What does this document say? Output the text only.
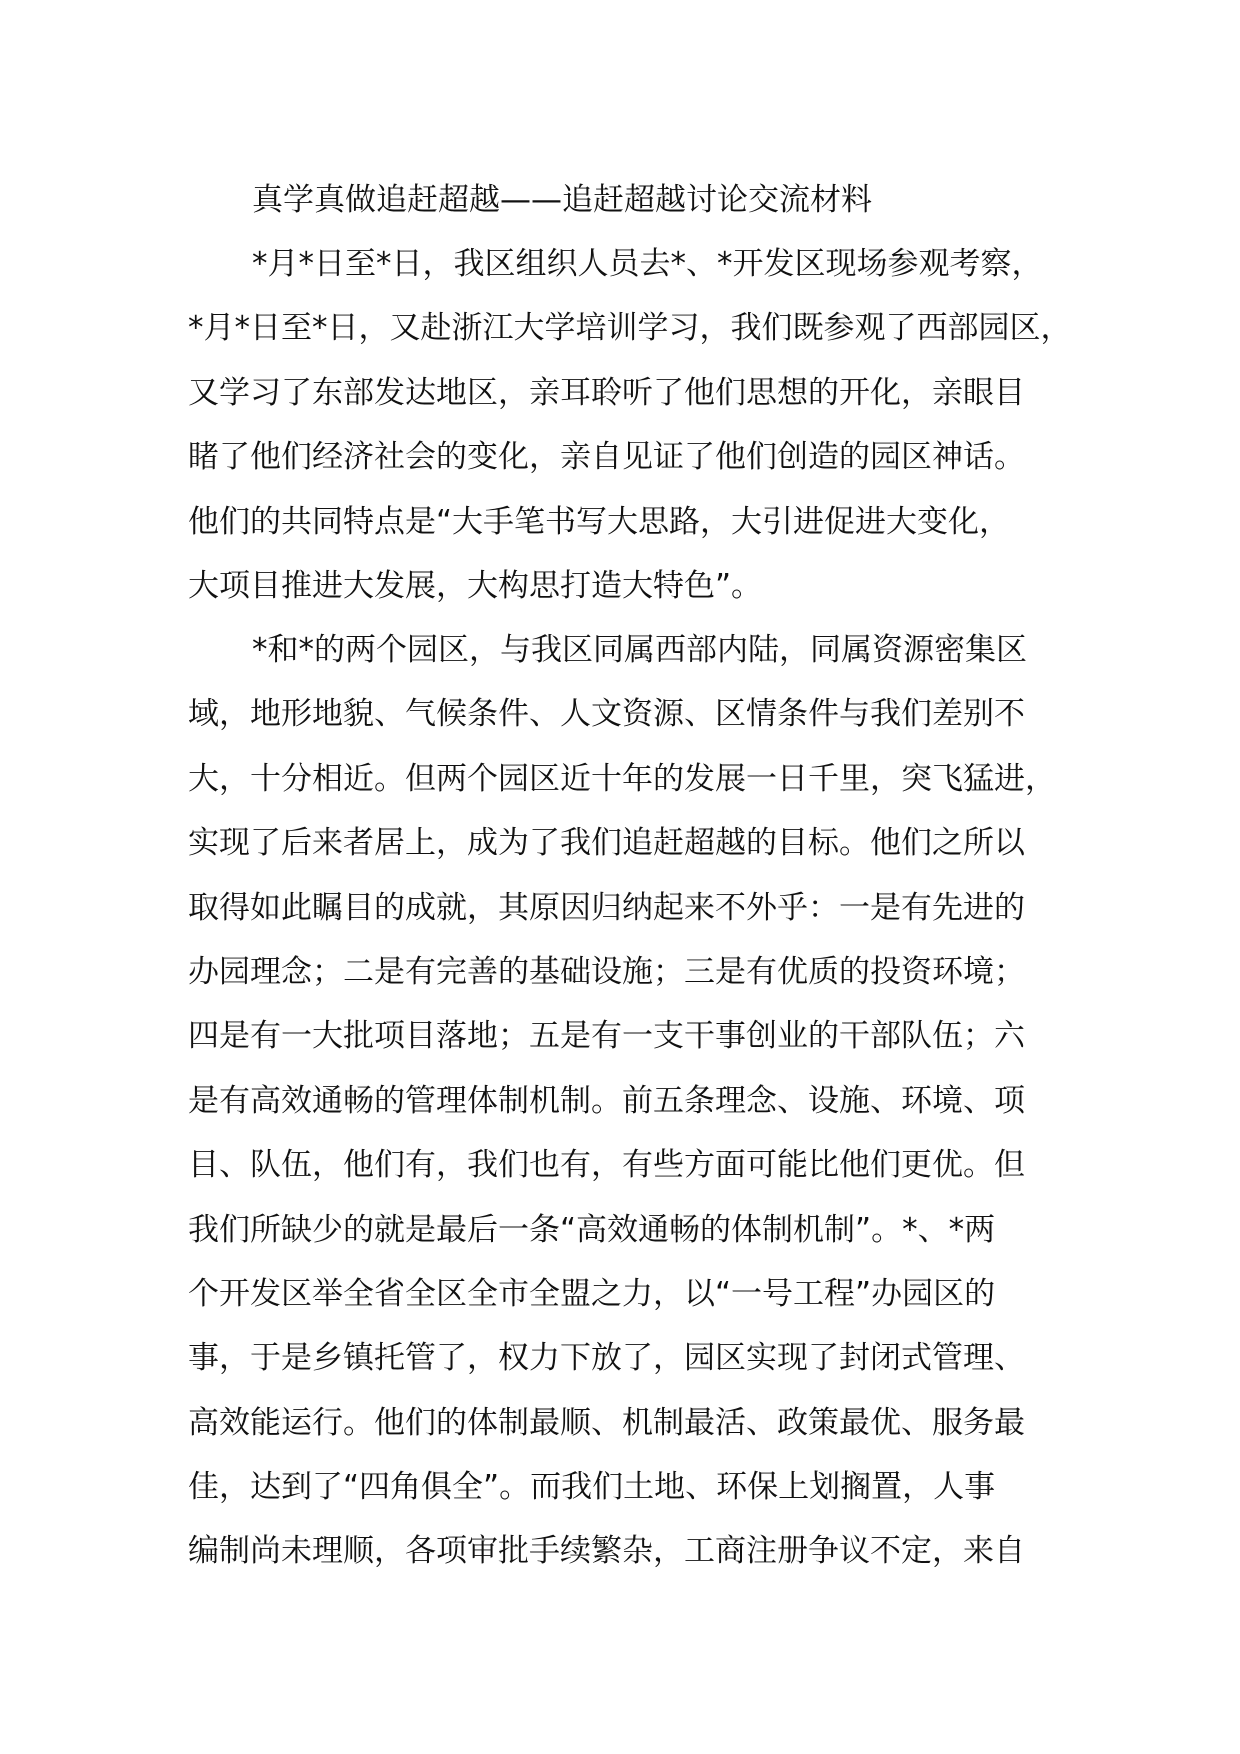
真学真做追赶超越——追赶超越讨论交流材料

*月*日至*日，我区组织人员去*、*开发区现场参观考察，
*月*日至*日，又赴浙江大学培训学习，我们既参观了西部园区，
又学习了东部发达地区，亲耳聆听了他们思想的开化，亲眼目
睹了他们经济社会的变化，亲自见证了他们创造的园区神话。
他们的共同特点是“大手笔书写大思路，大引进促进大变化，
大项目推进大发展，大构思打造大特色”。

*和*的两个园区，与我区同属西部内陆，同属资源密集区
域，地形地貌、气候条件、人文资源、区情条件与我们差别不
大，十分相近。但两个园区近十年的发展一日千里，突飞猛进，
实现了后来者居上，成为了我们追赶超越的目标。他们之所以
取得如此瞩目的成就，其原因归纳起来不外乎：一是有先进的
办园理念；二是有完善的基础设施；三是有优质的投资环境；
四是有一大批项目落地；五是有一支干事创业的干部队伍；六
是有高效通畅的管理体制机制。前五条理念、设施、环境、项
目、队伍，他们有，我们也有，有些方面可能比他们更优。但
我们所缺少的就是最后一条“高效通畅的体制机制”。*、*两
个开发区举全省全区全市全盟之力，以“一号工程”办园区的
事，于是乡镇托管了，权力下放了，园区实现了封闭式管理、
高效能运行。他们的体制最顺、机制最活、政策最优、服务最
佳，达到了“四角俱全”。而我们土地、环保上划搁置，人事
编制尚未理顺，各项审批手续繁杂，工商注册争议不定，来自
